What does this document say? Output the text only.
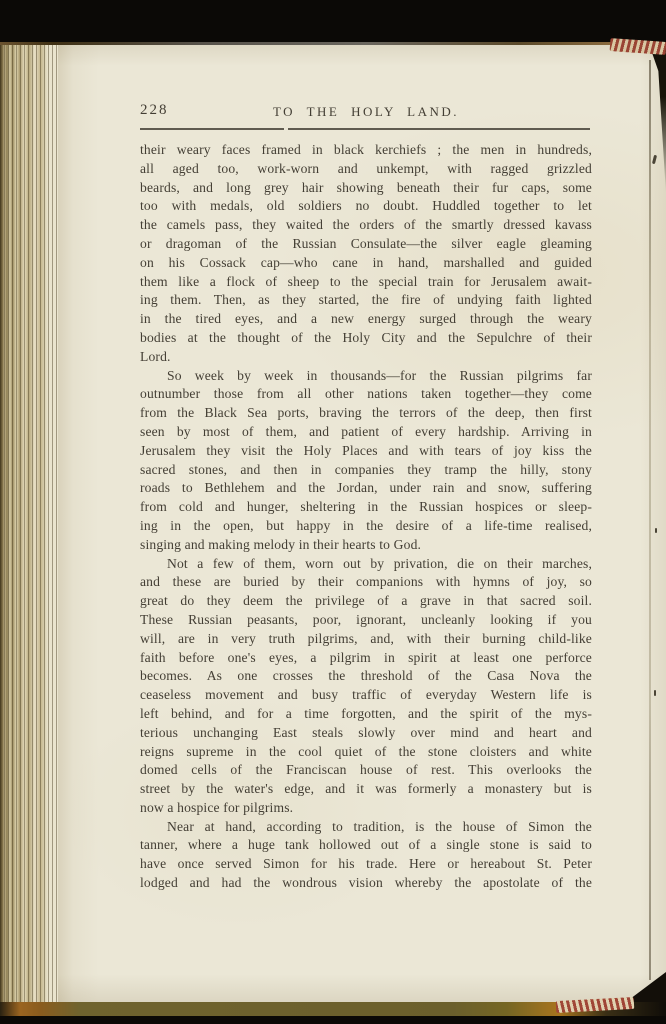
228	TO THE HOLY LAND.
their weary faces framed in black kerchiefs ; the men in hundreds,
all aged too, work-worn and unkempt, with ragged grizzled
beards, and long grey hair showing beneath their fur caps, some
too with medals, old soldiers no doubt. Huddled together to let
the camels pass, they waited the orders of the smartly dressed kavass
or dragoman of the Russian Consulate—the silver eagle gleaming
on his Cossack cap—who cane in hand, marshalled and guided
them like a flock of sheep to the special train for Jerusalem await-
ing them. Then, as they started, the fire of undying faith lighted
in the tired eyes, and a new energy surged through the weary
bodies at the thought of the Holy City and the Sepulchre of their
Lord.
So week by week in thousands—for the Russian pilgrims far
outnumber those from all other nations taken together—they come
from the Black Sea ports, braving the terrors of the deep, then first
seen by most of them, and patient of every hardship. Arriving in
Jerusalem they visit the Holy Places and with tears of joy kiss the
sacred stones, and then in companies they tramp the hilly, stony
roads to Bethlehem and the Jordan, under rain and snow, suffering
from cold and hunger, sheltering in the Russian hospices or sleep-
ing in the open, but happy in the desire of a life-time realised,
singing and making melody in their hearts to God.
Not a few of them, worn out by privation, die on their marches,
and these are buried by their companions with hymns of joy, so
great do they deem the privilege of a grave in that sacred soil.
These Russian peasants, poor, ignorant, uncleanly looking if you
will, are in very truth pilgrims, and, with their burning child-like
faith before one's eyes, a pilgrim in spirit at least one perforce
becomes. As one crosses the threshold of the Casa Nova the
ceaseless movement and busy traffic of everyday Western life is
left behind, and for a time forgotten, and the spirit of the mys-
terious unchanging East steals slowly over mind and heart and
reigns supreme in the cool quiet of the stone cloisters and white
domed cells of the Franciscan house of rest. This overlooks the
street by the water's edge, and it was formerly a monastery but is
now a hospice for pilgrims.
Near at hand, according to tradition, is the house of Simon the
tanner, where a huge tank hollowed out of a single stone is said to
have once served Simon for his trade. Here or hereabout St. Peter
lodged and had the wondrous vision whereby the apostolate of the
